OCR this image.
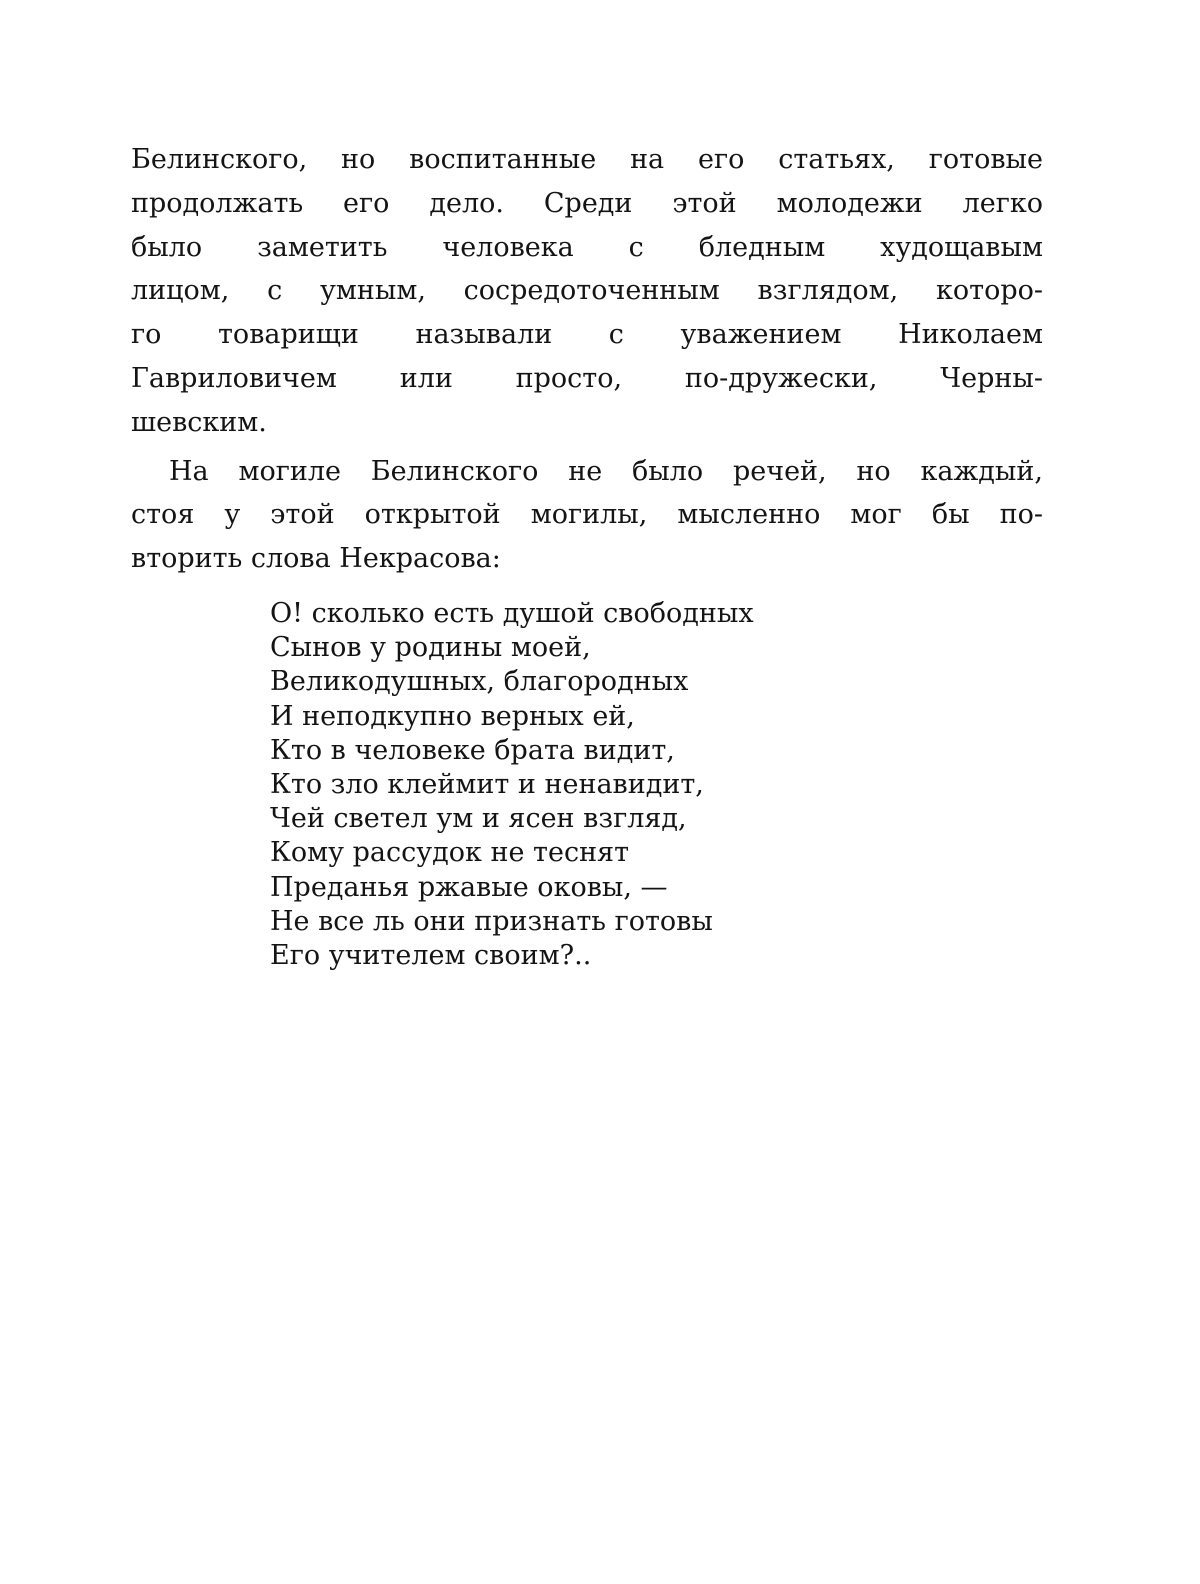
Белинского, но воспитанные на его статьях, готовые
продолжать его дело. Среди этой молодежи легко
было заметить человека с бледным худощавым
лицом, с умным, сосредоточенным взглядом, которо-
го товарищи называли с уважением Николаем
Гавриловичем или просто, по-дружески, Черны-
шевским.
На могиле Белинского не было речей, но каждый,
стоя у этой открытой могилы, мысленно мог бы по-
вторить слова Некрасова:
О! сколько есть душой свободных
Сынов у родины моей,
Великодушных, благородных
И неподкупно верных ей,
Кто в человеке брата видит,
Кто зло клеймит и ненавидит,
Чей светел ум и ясен взгляд,
Кому рассудок не теснят
Преданья ржавые оковы, —
Не все ль они признать готовы
Его учителем своим?..
